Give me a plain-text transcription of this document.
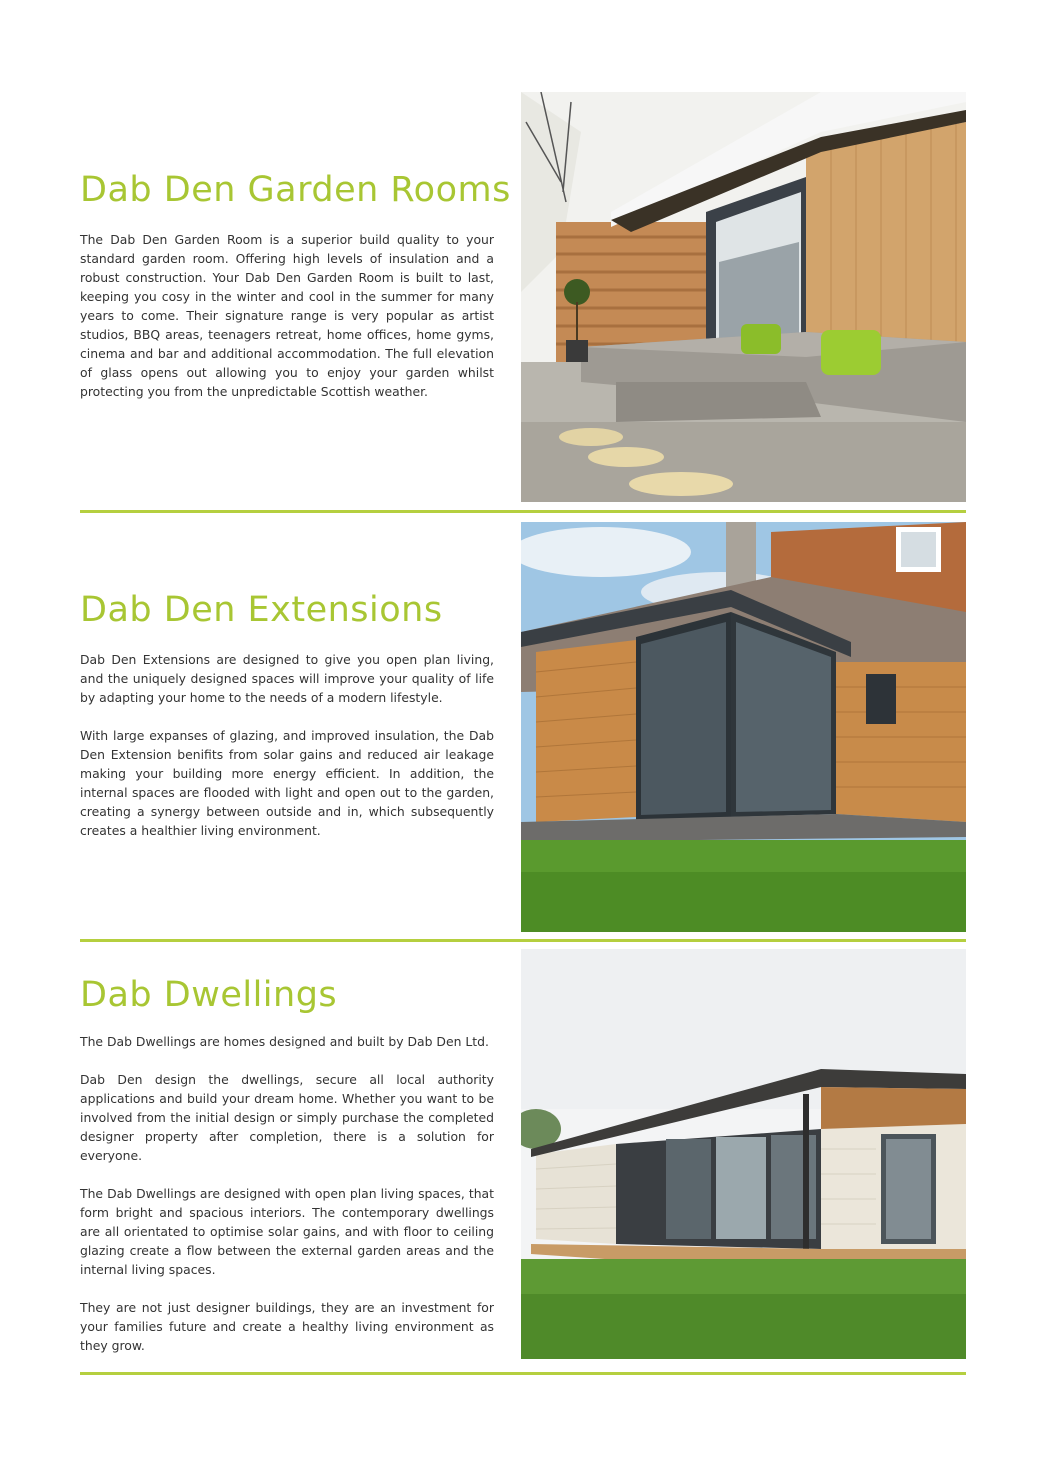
Dab Den Garden Rooms

The Dab Den Garden Room is a superior build quality to your standard garden room. Offering high levels of insulation and a robust construction. Your Dab Den Garden Room is built to last, keeping you cosy in the winter and cool in the summer for many years to come. Their signature range is very popular as artist studios, BBQ areas, teenagers retreat, home offices, home gyms, cinema and bar and additional accommodation. The full elevation of glass opens out allowing you to enjoy your garden whilst protecting you from the unpredictable Scottish weather.

Dab Den Extensions

Dab Den Extensions are designed to give you open plan living, and the uniquely designed spaces will improve your quality of life by adapting your home to the needs of a modern lifestyle.

With large expanses of glazing, and improved insulation, the Dab Den Extension benifits from solar gains and reduced air leakage making your building more energy efficient. In addition, the internal spaces are flooded with light and open out to the garden, creating a synergy between outside and in, which subsequently creates a healthier living environment.

Dab Dwellings

The Dab Dwellings are homes designed and built by Dab Den Ltd.

Dab Den design the dwellings, secure all local authority applications and build your dream home. Whether you want to be involved from the initial design or simply purchase the completed designer property after completion, there is a solution for everyone.

The Dab Dwellings are designed with open plan living spaces, that form bright and spacious interiors. The contemporary dwellings are all orientated to optimise solar gains, and with floor to ceiling glazing create a flow between the external garden areas and the internal living spaces.

They are not just designer buildings, they are an investment for your families future and create a healthy living environment as they grow.
